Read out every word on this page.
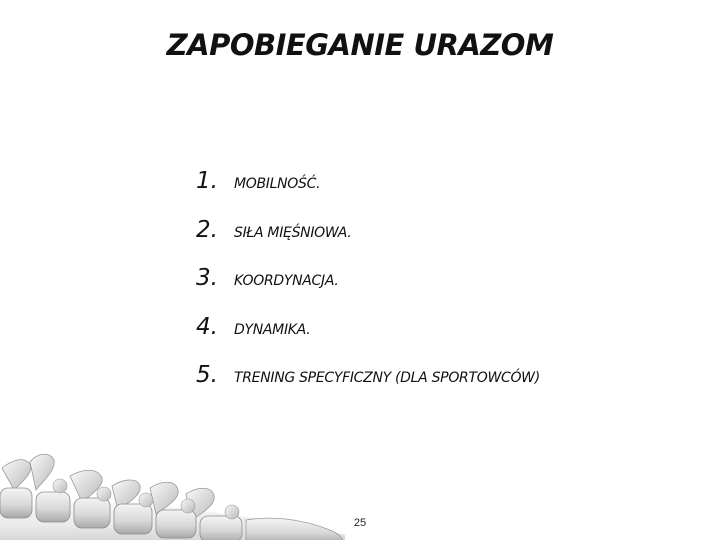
ZAPOBIEGANIE URAZOM
1.	MOBILNOŚĆ.
2.	SIŁA MIĘŚNIOWA.
3.	KOORDYNACJA.
4.	DYNAMIKA.
5.	TRENING SPECYFICZNY (DLA SPORTOWCÓW)
25
